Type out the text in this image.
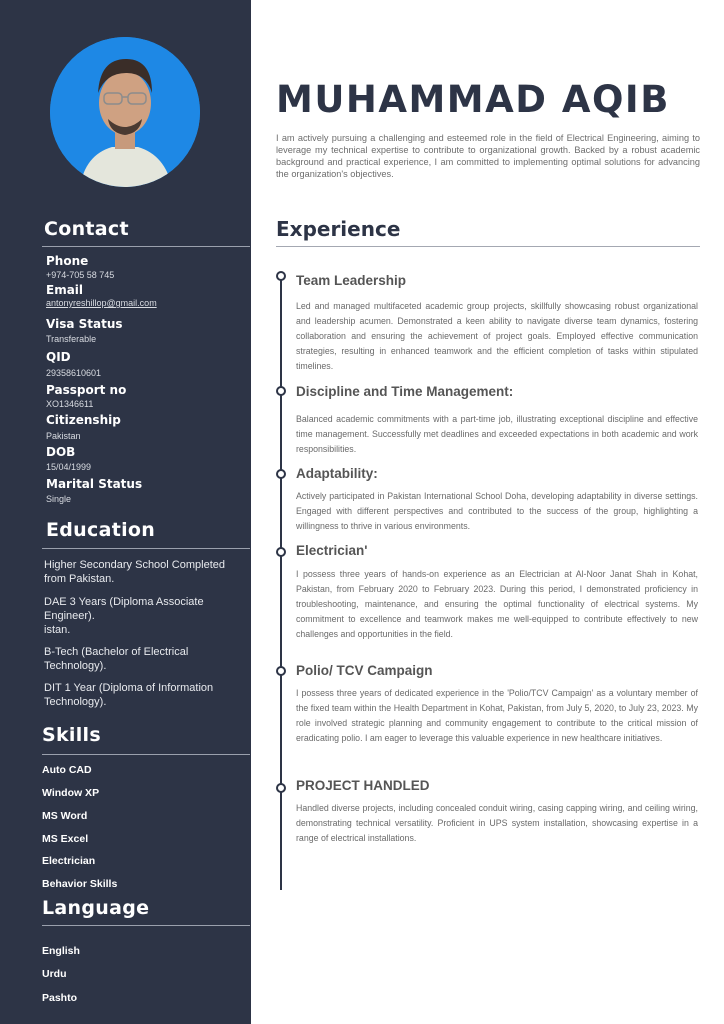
Contact
Phone
+974-705 58 745
Email
antonyreshillop@gmail.com
Visa Status
Transferable
QID
29358610601
Passport no
XO1346611
Citizenship
Pakistan
DOB
15/04/1999
Marital Status
Single
Education
Higher Secondary School Completed from Pakistan.
DAE 3 Years (Diploma Associate Engineer).
istan.
B-Tech (Bachelor of Electrical Technology).
DIT 1 Year (Diploma of Information Technology).
Skills
Auto CAD
Window XP
MS Word
MS Excel
Electrician
Behavior Skills
Language
English
Urdu
Pashto
MUHAMMAD AQIB
I am actively pursuing a challenging and esteemed role in the field of Electrical Engineering, aiming to leverage my technical expertise to contribute to organizational growth. Backed by a robust academic background and practical experience, I am committed to implementing optimal solutions for advancing the organization's objectives.
Experience
Team Leadership
Led and managed multifaceted academic group projects, skillfully showcasing robust organizational and leadership acumen. Demonstrated a keen ability to navigate diverse team dynamics, fostering collaboration and ensuring the achievement of project goals. Employed effective communication strategies, resulting in enhanced teamwork and the efficient completion of tasks within stipulated timelines.
Discipline and Time Management:
Balanced academic commitments with a part-time job, illustrating exceptional discipline and effective time management. Successfully met deadlines and exceeded expectations in both academic and work responsibilities.
Adaptability:
Actively participated in Pakistan International School Doha, developing adaptability in diverse settings. Engaged with different perspectives and contributed to the success of the group, highlighting a willingness to thrive in various environments.
Electrician'
I possess three years of hands-on experience as an Electrician at Al-Noor Janat Shah in Kohat, Pakistan, from February 2020 to February 2023. During this period, I demonstrated proficiency in troubleshooting, maintenance, and ensuring the optimal functionality of electrical systems. My commitment to excellence and teamwork makes me well-equipped to contribute effectively to new challenges and opportunities in the field.
Polio/ TCV Campaign
I possess three years of dedicated experience in the 'Polio/TCV Campaign' as a voluntary member of the fixed team within the Health Department in Kohat, Pakistan, from July 5, 2020, to July 23, 2023. My role involved strategic planning and community engagement to contribute to the critical mission of eradicating polio. I am eager to leverage this valuable experience in new healthcare initiatives.
PROJECT HANDLED
Handled diverse projects, including concealed conduit wiring, casing capping wiring, and ceiling wiring, demonstrating technical versatility. Proficient in UPS system installation, showcasing expertise in a range of electrical installations.
